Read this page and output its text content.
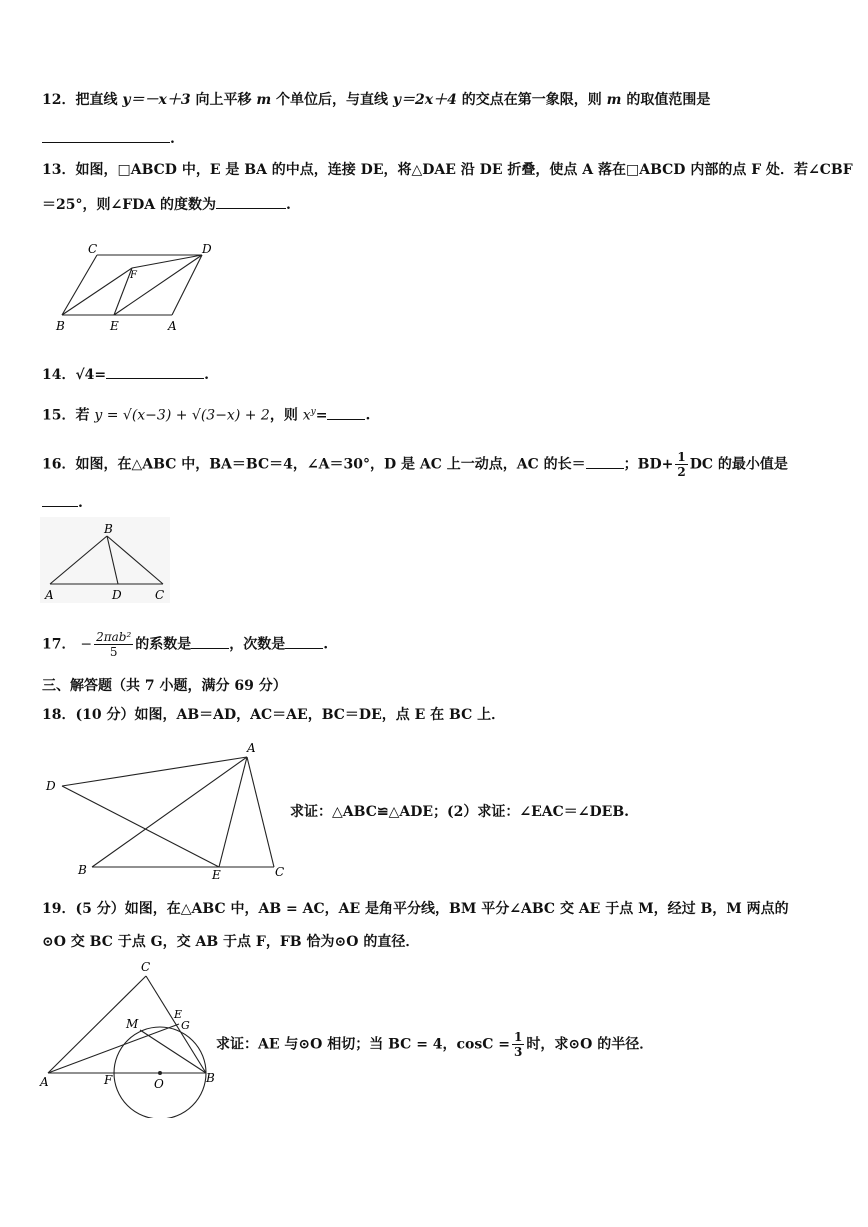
12．把直线 y＝－x＋3 向上平移 m 个单位后，与直线 y＝2x＋4 的交点在第一象限，则 m 的取值范围是
.
13．如图，□ABCD 中，E 是 BA 的中点，连接 DE，将△DAE 沿 DE 折叠，使点 A 落在□ABCD 内部的点 F 处．若∠CBF
＝25°，则∠FDA 的度数为	.
C	D
F
B	E	A
14．√4=	.
15．若 y = √(x−3) + √(3−x) + 2，则 $x^y=$	.
16．如图，在△ABC 中，BA＝BC＝4，∠A＝30°，D 是 AC 上一动点，AC 的长＝	；$BD+ \frac{1}{2}$ DC 的最小值是
.
B
A	D	C
17． − $\frac{\text{2πab²}}{5}$ 的系数是	，次数是	.
三、解答题（共 7 小题，满分 69 分）
18．(10 分）如图，AB＝AD，AC＝AE，BC＝DE，点 E 在 BC 上．
A
D
B	E	C
求证：△ABC≌△ADE；(2）求证：∠EAC＝∠DEB.
19．(5 分）如图，在△ABC 中，AB = AC，AE 是角平分线，BM 平分∠ABC 交 AE 于点 M，经过 B，M 两点的
⊙O 交 BC 于点 G，交 AB 于点 F，FB 恰为⊙O 的直径．
C
E
G
M
A	F	O	B
求证：AE 与⊙O 相切；当 BC = 4，$\cos C = \frac{1}{3}$ 时，求⊙O 的半径．
